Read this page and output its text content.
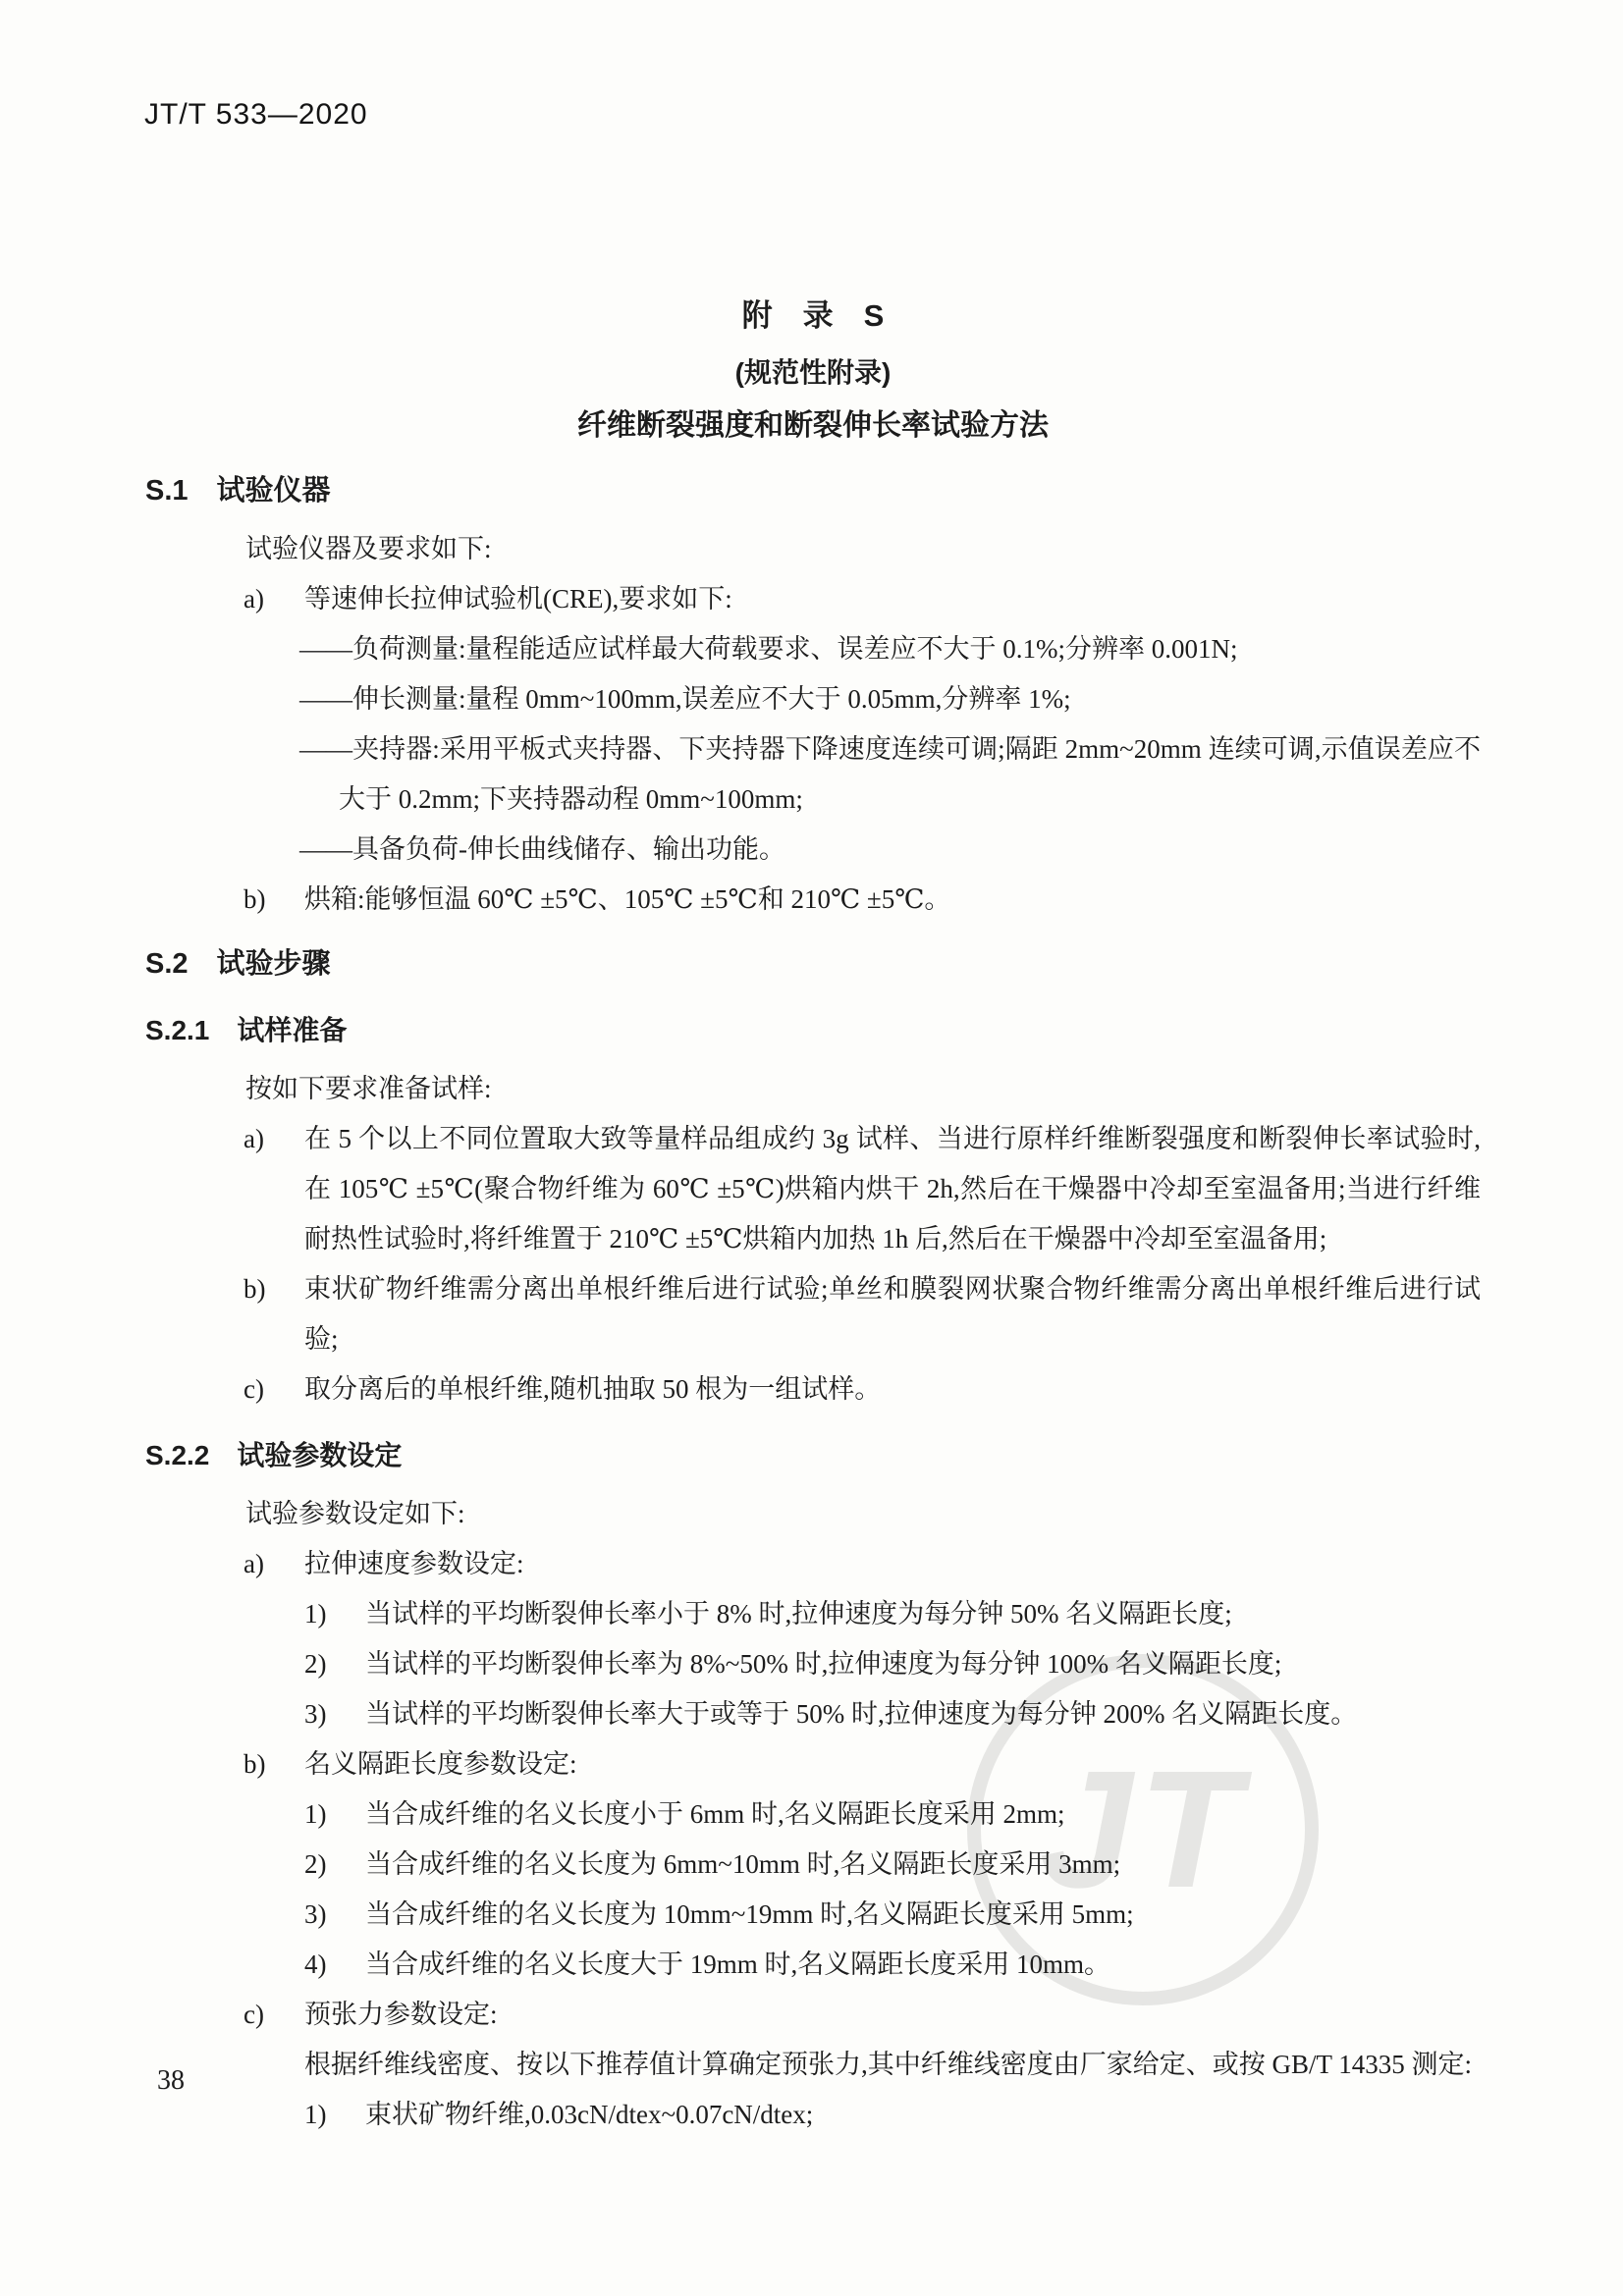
JT/T 533—2020
JT
附　录　S
(规范性附录)
纤维断裂强度和断裂伸长率试验方法
S.1　试验仪器

试验仪器及要求如下:

a)	等速伸长拉伸试验机(CRE),要求如下:
——负荷测量:量程能适应试样最大荷载要求、误差应不大于 0.1%;分辨率 0.001N;
——伸长测量:量程 0mm~100mm,误差应不大于 0.05mm,分辨率 1%;
——夹持器:采用平板式夹持器、下夹持器下降速度连续可调;隔距 2mm~20mm 连续可调,示值误差应不大于 0.2mm;下夹持器动程 0mm~100mm;
——具备负荷-伸长曲线储存、输出功能。
b)	烘箱:能够恒温 60℃ ±5℃、105℃ ±5℃和 210℃ ±5℃。
S.2　试验步骤
S.2.1　试样准备

按如下要求准备试样:

a)	在 5 个以上不同位置取大致等量样品组成约 3g 试样、当进行原样纤维断裂强度和断裂伸长率试验时,在 105℃ ±5℃(聚合物纤维为 60℃ ±5℃)烘箱内烘干 2h,然后在干燥器中冷却至室温备用;当进行纤维耐热性试验时,将纤维置于 210℃ ±5℃烘箱内加热 1h 后,然后在干燥器中冷却至室温备用;
b)	束状矿物纤维需分离出单根纤维后进行试验;单丝和膜裂网状聚合物纤维需分离出单根纤维后进行试验;
c)	取分离后的单根纤维,随机抽取 50 根为一组试样。
S.2.2　试验参数设定

试验参数设定如下:

a)	拉伸速度参数设定:
1)	当试样的平均断裂伸长率小于 8% 时,拉伸速度为每分钟 50% 名义隔距长度;
2)	当试样的平均断裂伸长率为 8%~50% 时,拉伸速度为每分钟 100% 名义隔距长度;
3)	当试样的平均断裂伸长率大于或等于 50% 时,拉伸速度为每分钟 200% 名义隔距长度。
b)	名义隔距长度参数设定:
1)	当合成纤维的名义长度小于 6mm 时,名义隔距长度采用 2mm;
2)	当合成纤维的名义长度为 6mm~10mm 时,名义隔距长度采用 3mm;
3)	当合成纤维的名义长度为 10mm~19mm 时,名义隔距长度采用 5mm;
4)	当合成纤维的名义长度大于 19mm 时,名义隔距长度采用 10mm。
c)	预张力参数设定:
根据纤维线密度、按以下推荐值计算确定预张力,其中纤维线密度由厂家给定、或按 GB/T 14335 测定:
1)	束状矿物纤维,0.03cN/dtex~0.07cN/dtex;
38
